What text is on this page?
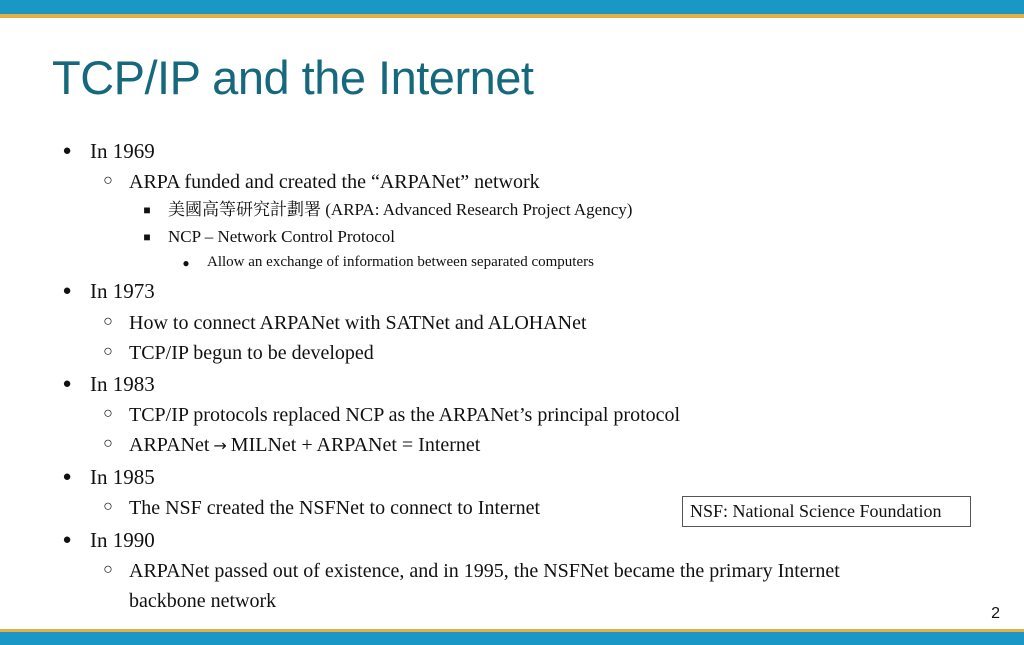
TCP/IP and the Internet
● In 1969
○ ARPA funded and created the “ARPANet” network
■ 美國高等研究計劃署 (ARPA: Advanced Research Project Agency)
■ NCP – Network Control Protocol
● Allow an exchange of information between separated computers
● In 1973
○ How to connect ARPANet with SATNet and ALOHANet
○ TCP/IP begun to be developed
● In 1983
○ TCP/IP protocols replaced NCP as the ARPANet’s principal protocol
○ ARPANet → MILNet + ARPANet = Internet
● In 1985
○ The NSF created the NSFNet to connect to Internet	NSF: National Science Foundation
● In 1990
○ ARPANet passed out of existence, and in 1995, the NSFNet became the primary Internet
backbone network
2
